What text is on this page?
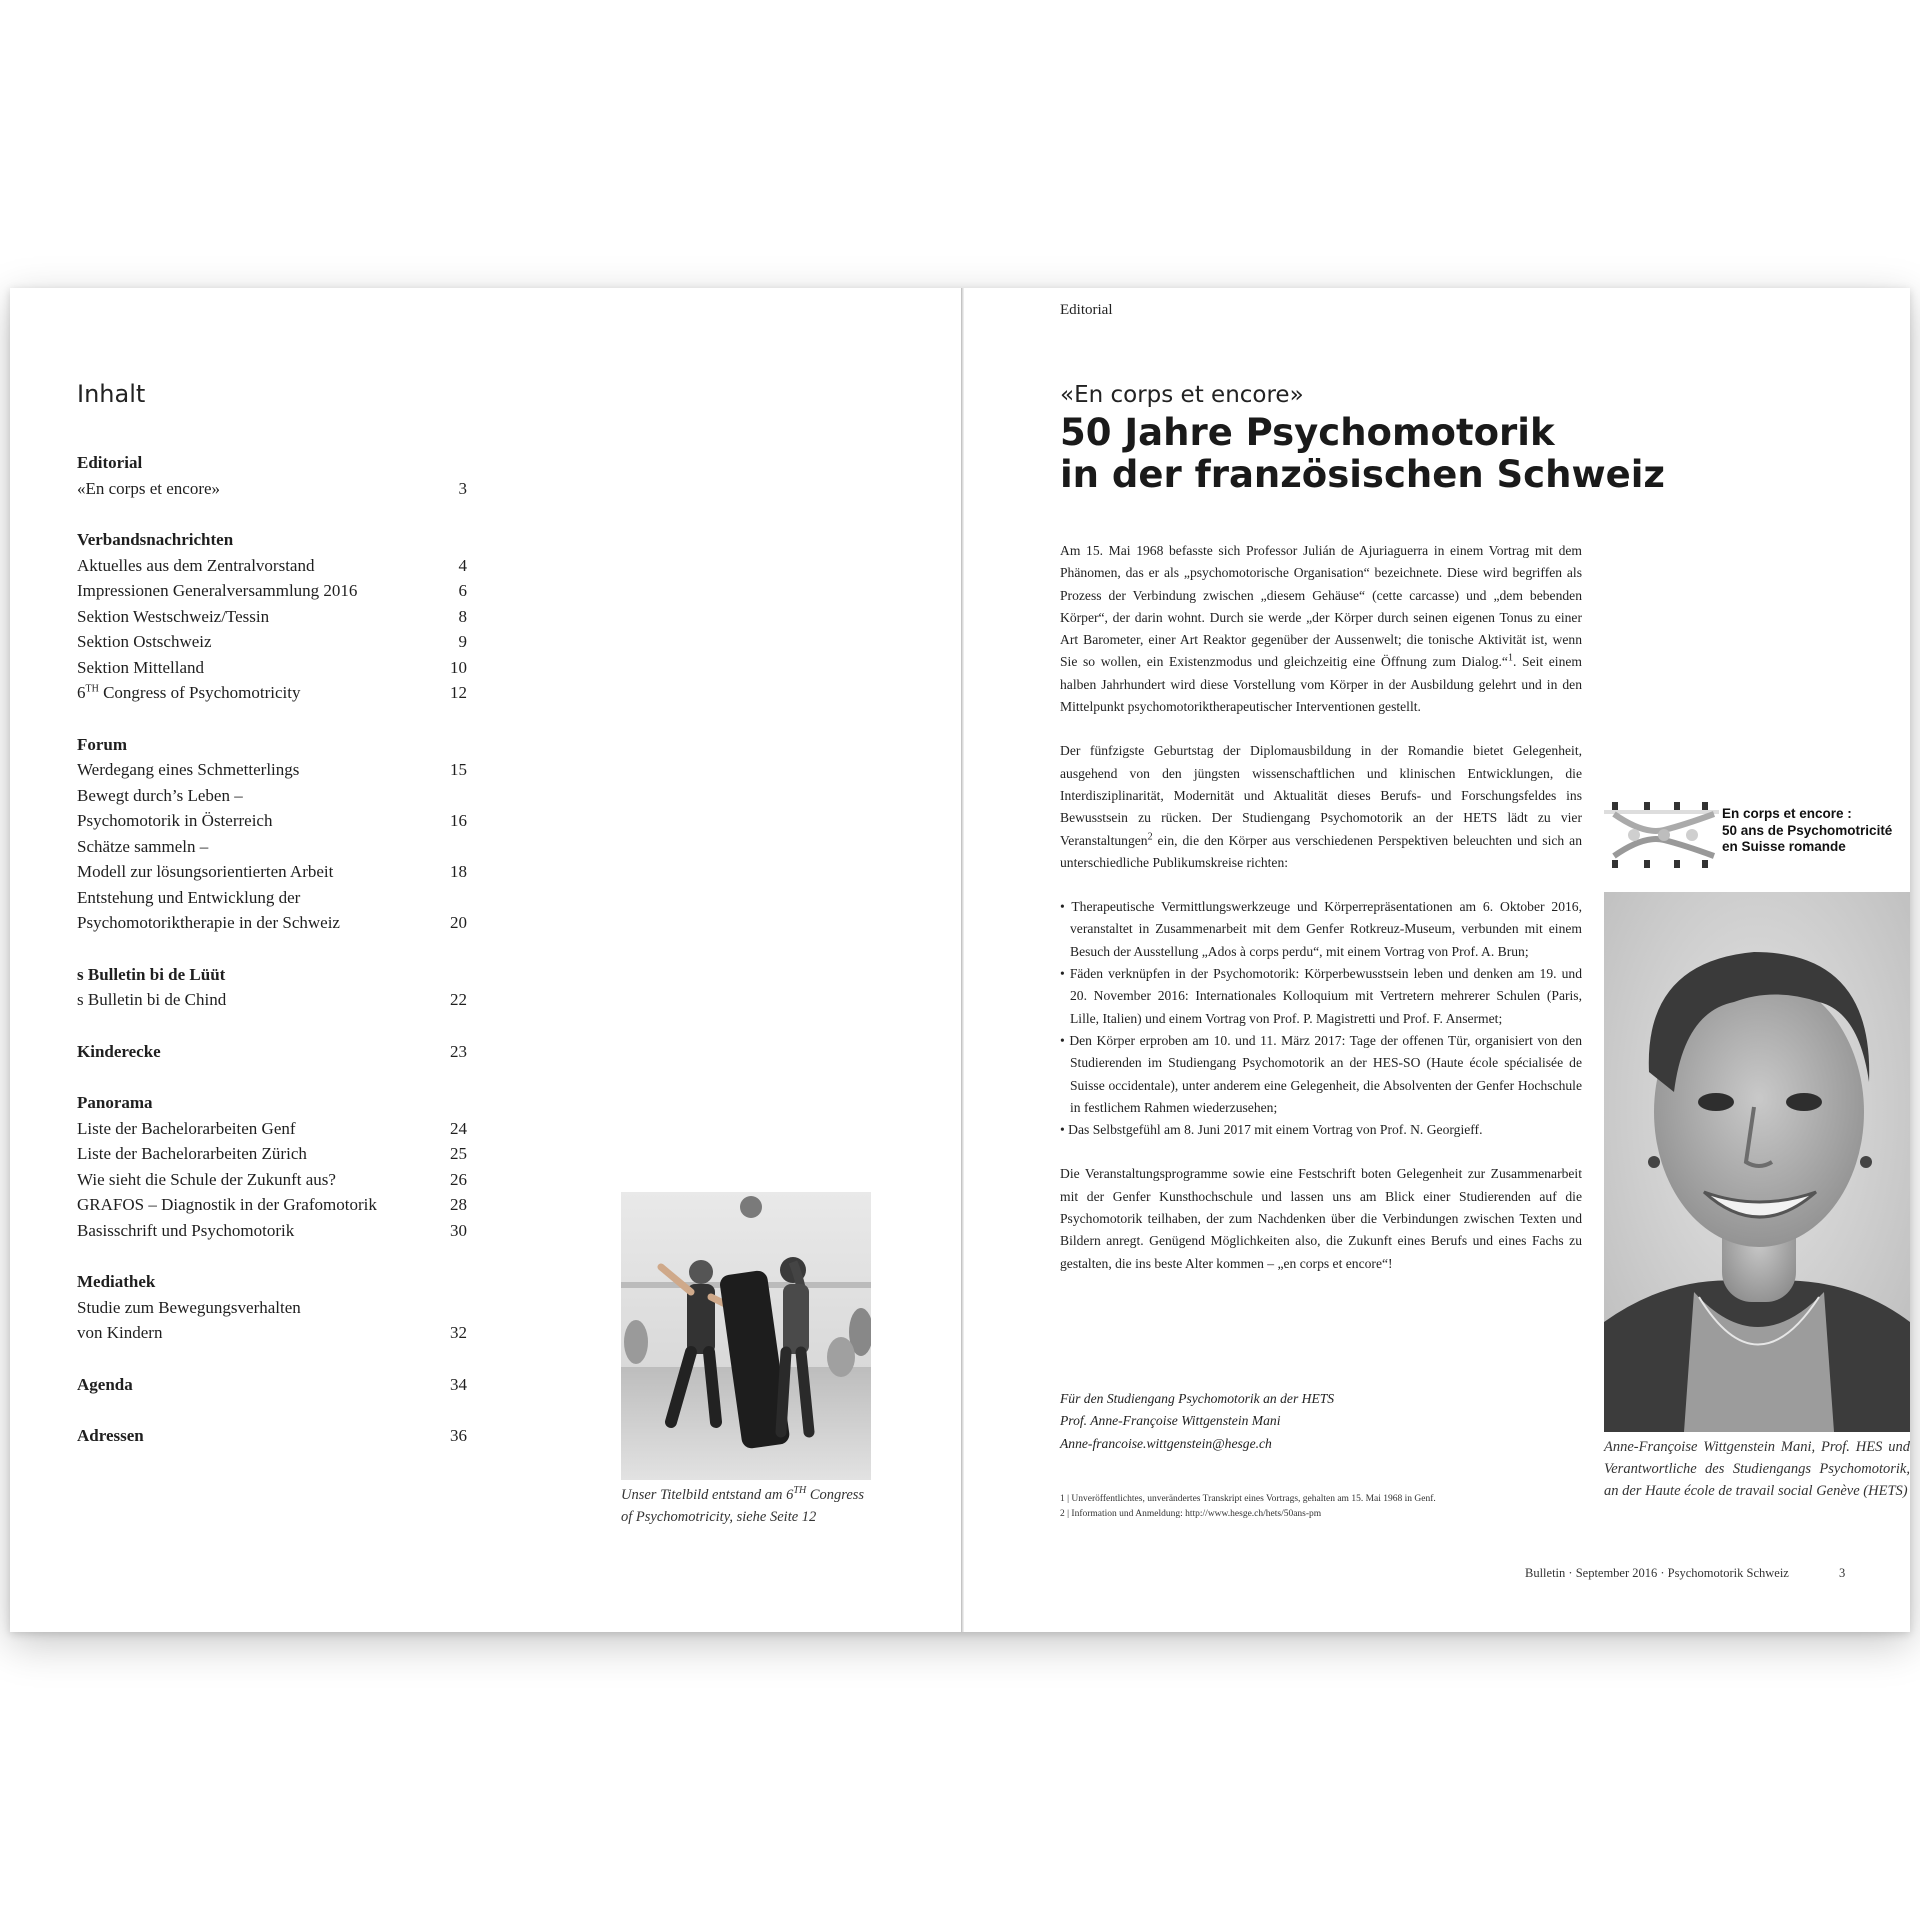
Inhalt
Editorial
«En corps et encore»	3
Verbandsnachrichten
Aktuelles aus dem Zentralvorstand	4
Impressionen Generalversammlung 2016	6
Sektion Westschweiz/Tessin	8
Sektion Ostschweiz	9
Sektion Mittelland	10
6TH Congress of Psychomotricity	12
Forum
Werdegang eines Schmetterlings	15
Bewegt durch’s Leben –
Psychomotorik in Österreich	16
Schätze sammeln –
Modell zur lösungsorientierten Arbeit	18
Entstehung und Entwicklung der
Psychomotoriktherapie in der Schweiz	20
s Bulletin bi de Lüüt
s Bulletin bi de Chind	22
Kinderecke	23
Panorama
Liste der Bachelorarbeiten Genf	24
Liste der Bachelorarbeiten Zürich	25
Wie sieht die Schule der Zukunft aus?	26
GRAFOS – Diagnostik in der Grafomotorik	28
Basisschrift und Psychomotorik	30
Mediathek
Studie zum Bewegungsverhalten
von Kindern	32
Agenda	34
Adressen	36
Unser Titelbild entstand am 6TH Congress
of Psychomotricity, siehe Seite 12
Editorial
«En corps et encore»
50 Jahre Psychomotorik
in der französischen Schweiz

Am 15. Mai 1968 befasste sich Professor Julián de Ajuriaguerra in einem Vortrag mit dem Phänomen, das er als „psychomotorische Organisation“ bezeichnete. Diese wird begriffen als Prozess der Verbindung zwischen „diesem Gehäuse“ (cette carcasse) und „dem bebenden Körper“, der darin wohnt. Durch sie werde „der Körper durch seinen eigenen Tonus zu einer Art Barometer, einer Art Reaktor gegenüber der Aussenwelt; die tonische Aktivität ist, wenn Sie so wollen, ein Existenzmodus und gleichzeitig eine Öffnung zum Dialog.“$^1$. Seit einem halben Jahrhundert wird diese Vorstellung vom Körper in der Ausbildung gelehrt und in den Mittelpunkt psychomotoriktherapeutischer Interventionen gestellt.

Der fünfzigste Geburtstag der Diplomausbildung in der Romandie bietet Gelegenheit, ausgehend von den jüngsten wissenschaftlichen und klinischen Entwicklungen, die Interdisziplinarität, Modernität und Aktualität dieses Berufs- und Forschungsfeldes ins Bewusstsein zu rücken. Der Studiengang Psychomotorik an der HETS lädt zu vier Veranstaltungen$^2$ ein, die den Körper aus verschiedenen Perspektiven beleuchten und sich an unterschiedliche Publikumskreise richten:

• Therapeutische Vermittlungswerkzeuge und Körperrepräsentationen am 6. Oktober 2016, veranstaltet in Zusammenarbeit mit dem Genfer Rotkreuz-Museum, verbunden mit einem Besuch der Ausstellung „Ados à corps perdu“, mit einem Vortrag von Prof. A. Brun;
• Fäden verknüpfen in der Psychomotorik: Körperbewusstsein leben und denken am 19. und 20. November 2016: Internationales Kolloquium mit Vertretern mehrerer Schulen (Paris, Lille, Italien) und einem Vortrag von Prof. P. Magistretti und Prof. F. Ansermet;
• Den Körper erproben am 10. und 11. März 2017: Tage der offenen Tür, organisiert von den Studierenden im Studiengang Psychomotorik an der HES-SO (Haute école spécialisée de Suisse occidentale), unter anderem eine Gelegenheit, die Absolventen der Genfer Hochschule in festlichem Rahmen wiederzusehen;
• Das Selbstgefühl am 8. Juni 2017 mit einem Vortrag von Prof. N. Georgieff.

Die Veranstaltungsprogramme sowie eine Festschrift boten Gelegenheit zur Zusammenarbeit mit der Genfer Kunsthochschule und lassen uns am Blick einer Studierenden auf die Psychomotorik teilhaben, der zum Nachdenken über die Verbindungen zwischen Texten und Bildern anregt. Genügend Möglichkeiten also, die Zukunft eines Berufs und eines Fachs zu gestalten, die ins beste Alter kommen – „en corps et encore“!

Für den Studiengang Psychomotorik an der HETS
Prof. Anne-Françoise Wittgenstein Mani
Anne-francoise.wittgenstein@hesge.ch
1 | Unveröffentlichtes, unverändertes Transkript eines Vortrags, gehalten am 15. Mai 1968 in Genf.
2 | Information und Anmeldung: http://www.hesge.ch/hets/50ans-pm
En corps et encore :
50 ans de Psychomotricité
en Suisse romande
Anne-Françoise Wittgenstein Mani, Prof. HES und Verantwortliche des Studiengangs Psychomotorik, an der Haute école de travail social Genève (HETS)
Bulletin · September 2016 · Psychomotorik Schweiz	3
